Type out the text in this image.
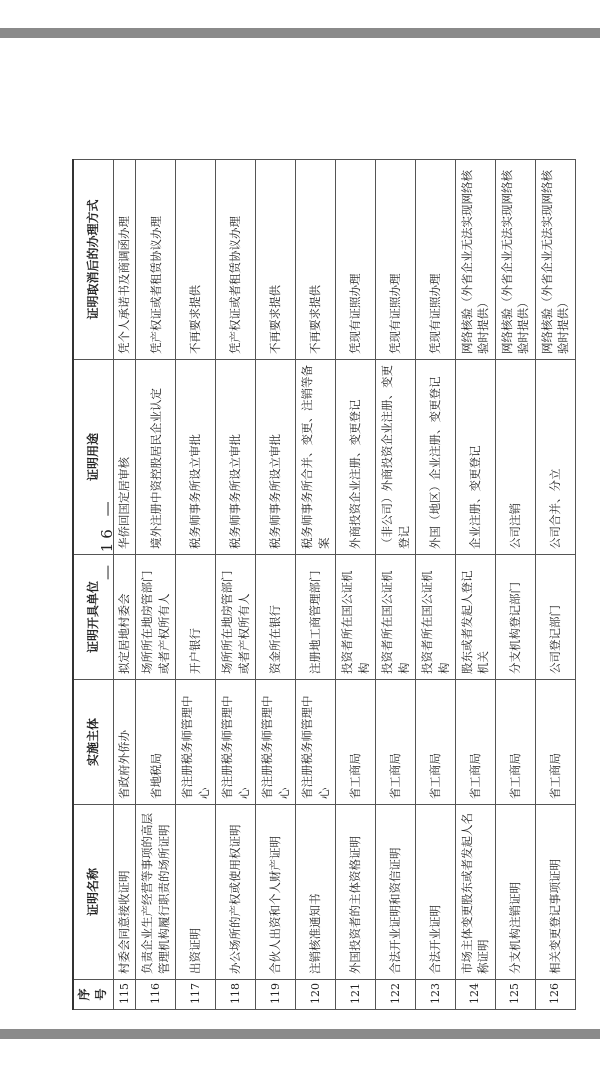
序号	证明名称	实施主体	证明开具单位	证明用途	证明取消后的办理方式
115	村委会同意接收证明	省政府外侨办	拟定居地村委会	华侨回国定居审核	凭个人承诺书及商调函办理
116	负责企业生产经营等事项的高层管理机构履行职责的场所证明	省地税局	场所所在地房管部门或者产权所有人	境外注册中资控股居民企业认定	凭产权证或者租赁协议办理
117	出资证明	省注册税务师管理中心	开户银行	税务师事务所设立审批	不再要求提供
118	办公场所的产权或使用权证明	省注册税务师管理中心	场所所在地房管部门或者产权所有人	税务师事务所设立审批	凭产权证或者租赁协议办理
119	合伙人出资和个人财产证明	省注册税务师管理中心	资金所在银行	税务师事务所设立审批	不再要求提供
120	注销核准通知书	省注册税务师管理中心	注册地工商管理部门	税务师事务所合并、变更、注销等备案	不再要求提供
121	外国投资者的主体资格证明	省工商局	投资者所在国公证机构	外商投资企业注册、变更登记	凭现有证照办理
122	合法开业证明和资信证明	省工商局	投资者所在国公证机构	（非公司）外商投资企业注册、变更登记	凭现有证照办理
123	合法开业证明	省工商局	投资者所在国公证机构	外国（地区）企业注册、变更登记	凭现有证照办理
124	市场主体变更股东或者发起人名称证明	省工商局	股东或者发起人登记机关	企业注册、变更登记	网络核验（外省企业无法实现网络核验时提供）
125	分支机构注销证明	省工商局	分支机构登记部门	公司注销	网络核验（外省企业无法实现网络核验时提供）
126	相关变更登记事项证明	省工商局	公司登记部门	公司合并、分立	网络核验（外省企业无法实现网络核验时提供）
— 16 —
